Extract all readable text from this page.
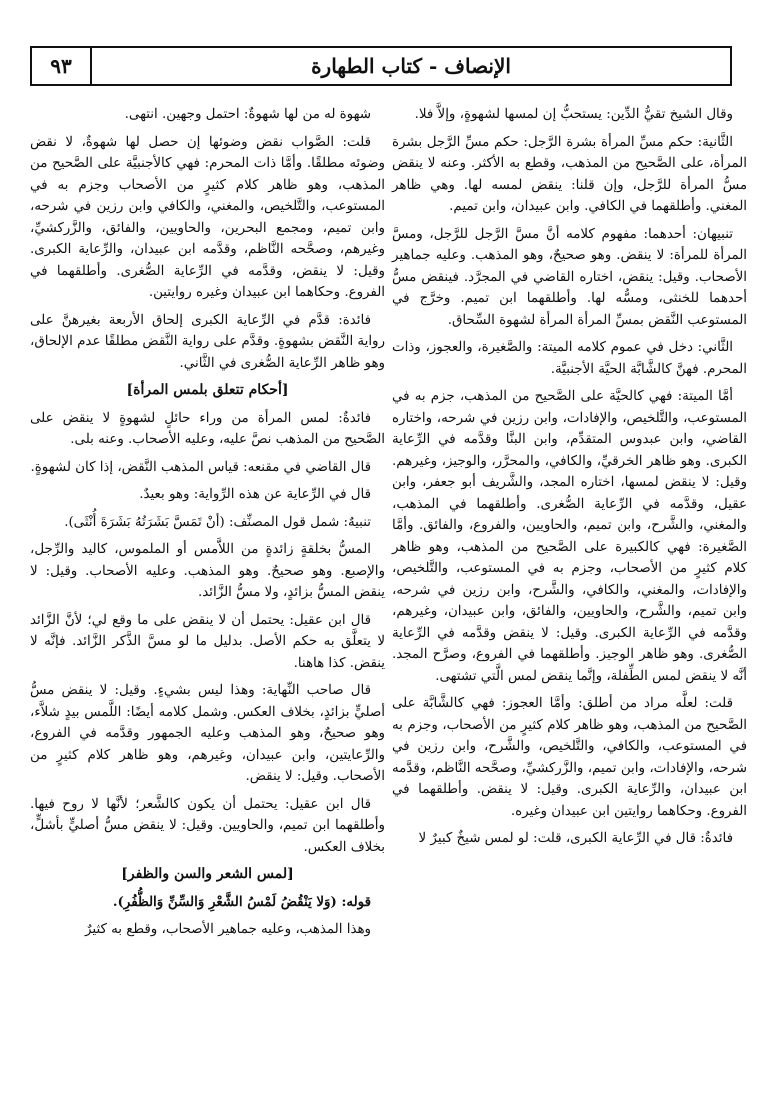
الإنصاف - كتاب الطهارة
٩٣

وقال الشيخ تقيُّ الدِّين: يستحبُّ إن لمسها لشهوةٍ، وإلاَّ فلا.

الثَّانية: حكم مسِّ المرأة بشرة الرَّجل: حكم مسِّ الرَّجل بشرة المرأة، على الصَّحيح من المذهب، وقطع به الأكثر. وعنه لا ينقض مسُّ المرأة للرَّجل، وإن قلنا: ينقض لمسه لها. وهي ظاهر المغني. وأطلقهما في الكافي. وابن عبيدان، وابن تميم.

تنبيهان: أحدهما: مفهوم كلامه أنَّ مسَّ الرَّجل للرَّجل، ومسَّ المرأة للمرأة: لا ينقض. وهو صحيحٌ، وهو المذهب. وعليه جماهير الأصحاب. وقيل: ينقض، اختاره القاضي في المجرَّد. فينقض مسُّ أحدهما للخنثى، ومسُّه لها. وأطلقهما ابن تميم. وخرَّج في المستوعب النَّقض بمسِّ المرأة المرأة لشهوة السِّحاق.

الثَّاني: دخل في عموم كلامه الميتة: والصَّغيرة، والعجوز، وذات المحرم. فهنَّ كالشَّابَّة الحيَّة الأجنبيَّة.

أمَّا الميتة: فهي كالحيَّة على الصَّحيح من المذهب، جزم به في المستوعب، والتَّلخيص، والإفادات، وابن رزين في شرحه، واختاره القاضي، وابن عبدوس المتقدِّم، وابن البنَّا وقدَّمه في الرِّعاية الكبرى. وهو ظاهر الخرقيِّ، والكافي، والمحرَّر، والوجيز، وغيرهم. وقيل: لا ينقض لمسها، اختاره المجد، والشَّريف أبو جعفر، وابن عقيل، وقدَّمه في الرِّعاية الصُّغرى. وأطلقهما في المذهب، والمغني، والشَّرح، وابن تميم، والحاويين، والفروع، والفائق. وأمَّا الصَّغيرة: فهي كالكبيرة على الصَّحيح من المذهب، وهو ظاهر كلام كثيرٍ من الأصحاب، وجزم به في المستوعب، والتَّلخيص، والإفادات، والمغني، والكافي، والشَّرح، وابن رزين في شرحه، وابن تميم، والشَّرح، والحاويين، والفائق، وابن عبيدان، وغيرهم، وقدَّمه في الرِّعاية الكبرى. وقيل: لا ينقض وقدَّمه في الرِّعاية الصُّغرى. وهو ظاهر الوجيز. وأطلقهما في الفروع، وصرَّح المجد. أنَّه لا ينقض لمس الطِّفلة، وإنَّما ينقض لمس الَّتي تشتهى.

قلت: لعلَّه مراد من أطلق: وأمَّا العجوز: فهي كالشَّابَّة على الصَّحيح من المذهب، وهو ظاهر كلام كثيرٍ من الأصحاب، وجزم به في المستوعب، والكافي، والتَّلخيص، والشَّرح، وابن رزين في شرحه، والإفادات، وابن تميم، والزَّركشيِّ، وصحَّحه النَّاظم، وقدَّمه ابن عبيدان، والرِّعاية الكبرى. وقيل: لا ينقض. وأطلقهما في الفروع. وحكاهما روايتين ابن عبيدان وغيره.

فائدةٌ: قال في الرِّعاية الكبرى، قلت: لو لمس شيخٌ كبيرٌ لا

شهوة له من لها شهوةٌ: احتمل وجهين. انتهى.

قلت: الصَّواب نقض وضوئها إن حصل لها شهوةٌ، لا نقض وضوئه مطلقًا. وأمَّا ذات المحرم: فهي كالأجنبيَّة على الصَّحيح من المذهب، وهو ظاهر كلام كثيرٍ من الأصحاب وجزم به في المستوعب، والتَّلخيص، والمغني، والكافي وابن رزين في شرحه، وابن تميم، ومجمع البحرين، والحاويين، والفائق، والزَّركشيِّ، وغيرهم، وصحَّحه النَّاظم، وقدَّمه ابن عبيدان، والرِّعاية الكبرى. وقيل: لا ينقض، وقدَّمه في الرِّعاية الصُّغرى. وأطلقهما في الفروع. وحكاهما ابن عبيدان وغيره روايتين.

فائدة: قدَّم في الرِّعاية الكبرى إلحاق الأربعة بغيرهنَّ على رواية النَّقض بشهوةٍ. وقدَّم على رواية النَّقض مطلقًا عدم الإلحاق، وهو ظاهر الرِّعاية الصُّغرى في الثَّاني.

[أحكام تتعلق بلمس المرأة]

فائدةٌ: لمس المرأة من وراء حائلٍ لشهوةٍ لا ينقض على الصَّحيح من المذهب نصَّ عليه، وعليه الأصحاب. وعنه بلى.

قال القاضي في مقنعه: قياس المذهب النَّقض، إذا كان لشهوةٍ.

قال في الرِّعاية عن هذه الرِّواية: وهو بعيدٌ.

تنبيهٌ: شمل قول المصنِّف: (أنْ تَمَسَّ بَشَرَتُهُ بَشَرَةَ أُنْثَى).

المسُّ بخلقةٍ زائدةٍ من اللاَّمس أو الملموس، كاليد والرِّجل، والإصبع. وهو صحيحٌ. وهو المذهب. وعليه الأصحاب. وقيل: لا ينقض المسُّ بزائدٍ، ولا مسُّ الزَّائد.

قال ابن عقيل: يحتمل أن لا ينقض على ما وقع لي؛ لأنَّ الزَّائد لا يتعلَّق به حكم الأصل. بدليل ما لو مسَّ الذَّكر الزَّائد. فإنَّه لا ينقض. كذا هاهنا.

قال صاحب النِّهاية: وهذا ليس بشيءٍ. وقيل: لا ينقض مسُّ أصليٍّ بزائدٍ، بخلاف العكس. وشمل كلامه أيضًا: اللَّمس بيدٍ شلاَّء، وهو صحيحٌ، وهو المذهب وعليه الجمهور وقدَّمه في الفروع، والرِّعايتين، وابن عبيدان، وغيرهم، وهو ظاهر كلام كثيرٍ من الأصحاب. وقيل: لا ينقض.

قال ابن عقيل: يحتمل أن يكون كالشَّعر؛ لأنَّها لا روح فيها. وأطلقهما ابن تميم، والحاويين. وقيل: لا ينقض مسُّ أصليٍّ بأشلٍّ، بخلاف العكس.

[لمس الشعر والسن والظفر]

قوله: (وَلا يَنْقُضُ لَمْسُ الشَّعْرِ وَالسِّنِّ وَالظُّفُرِ).

وهذا المذهب، وعليه جماهير الأصحاب، وقطع به كثيرٌ
